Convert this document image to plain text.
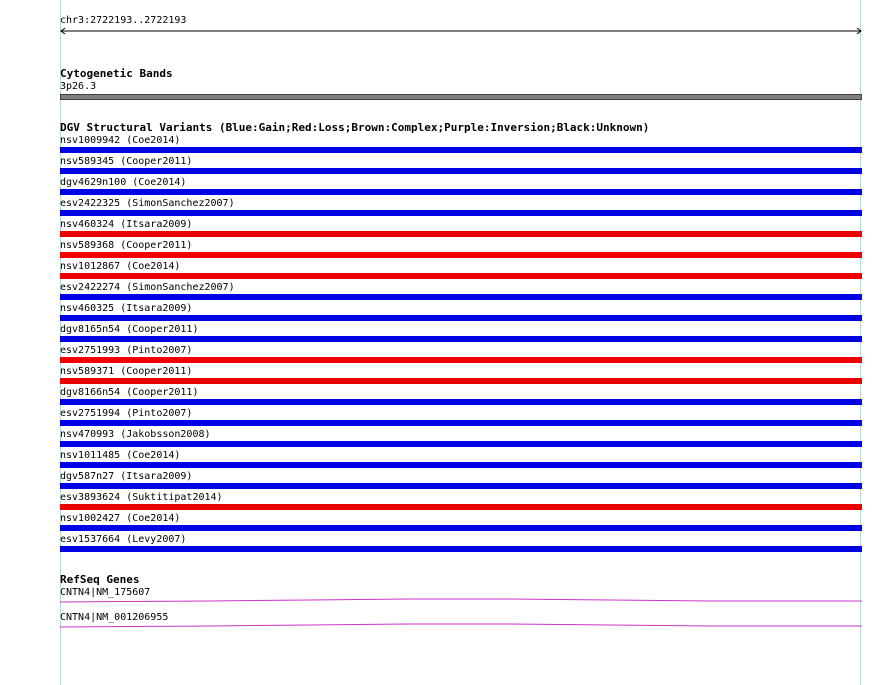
chr3:2722193..2722193
Cytogenetic Bands
3p26.3
DGV Structural Variants (Blue:Gain;Red:Loss;Brown:Complex;Purple:Inversion;Black:Unknown)
nsv1009942 (Coe2014)
nsv589345 (Cooper2011)
dgv4629n100 (Coe2014)
esv2422325 (SimonSanchez2007)
nsv460324 (Itsara2009)
nsv589368 (Cooper2011)
nsv1012867 (Coe2014)
esv2422274 (SimonSanchez2007)
nsv460325 (Itsara2009)
dgv8165n54 (Cooper2011)
esv2751993 (Pinto2007)
nsv589371 (Cooper2011)
dgv8166n54 (Cooper2011)
esv2751994 (Pinto2007)
nsv470993 (Jakobsson2008)
nsv1011485 (Coe2014)
dgv587n27 (Itsara2009)
esv3893624 (Suktitipat2014)
nsv1002427 (Coe2014)
esv1537664 (Levy2007)
RefSeq Genes
CNTN4|NM_175607
CNTN4|NM_001206955
